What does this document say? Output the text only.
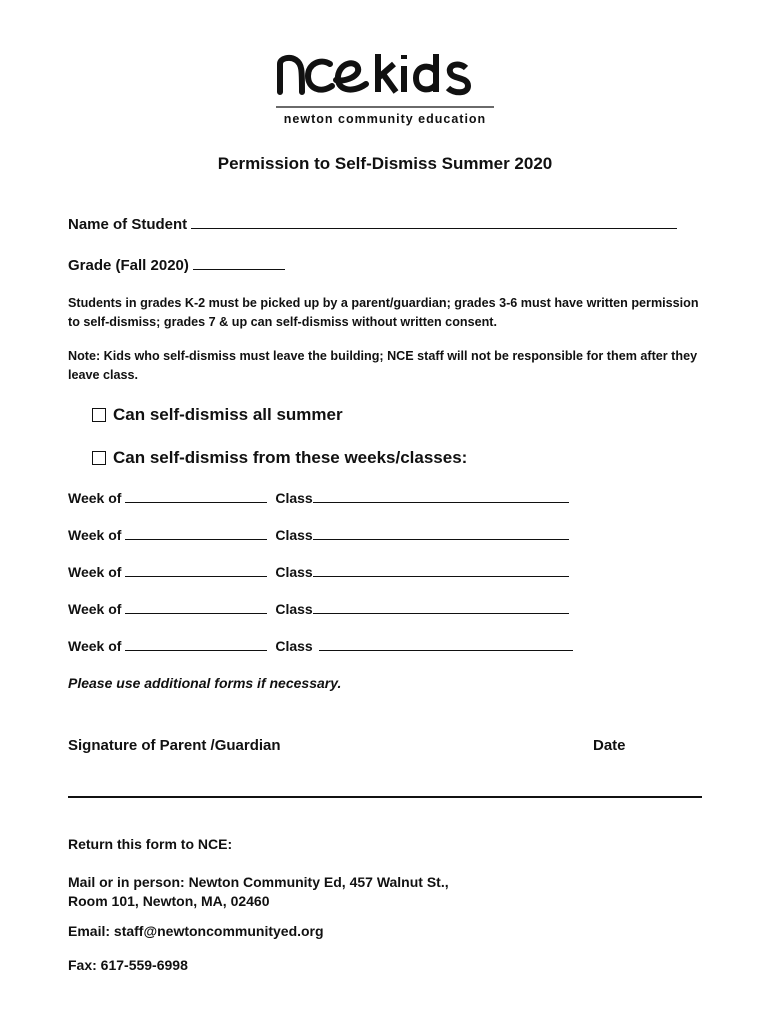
newton community education
Permission to Self-Dismiss Summer 2020
Name of Student
Grade (Fall 2020)
Students in grades K-2 must be picked up by a parent/guardian; grades 3-6 must have written permission to self-dismiss; grades 7 & up can self-dismiss without written consent.
Note: Kids who self-dismiss must leave the building; NCE staff will not be responsible for them after they leave class.
Can self-dismiss all summer
Can self-dismiss from these weeks/classes:
Week of	Class
Week of	Class
Week of	Class
Week of	Class
Week of	Class
Please use additional forms if necessary.
Signature of Parent /Guardian	Date
Return this form to NCE:
Mail or in person: Newton Community Ed, 457 Walnut St.,
Room 101, Newton, MA, 02460
Email: staff@newtoncommunityed.org
Fax: 617-559-6998
